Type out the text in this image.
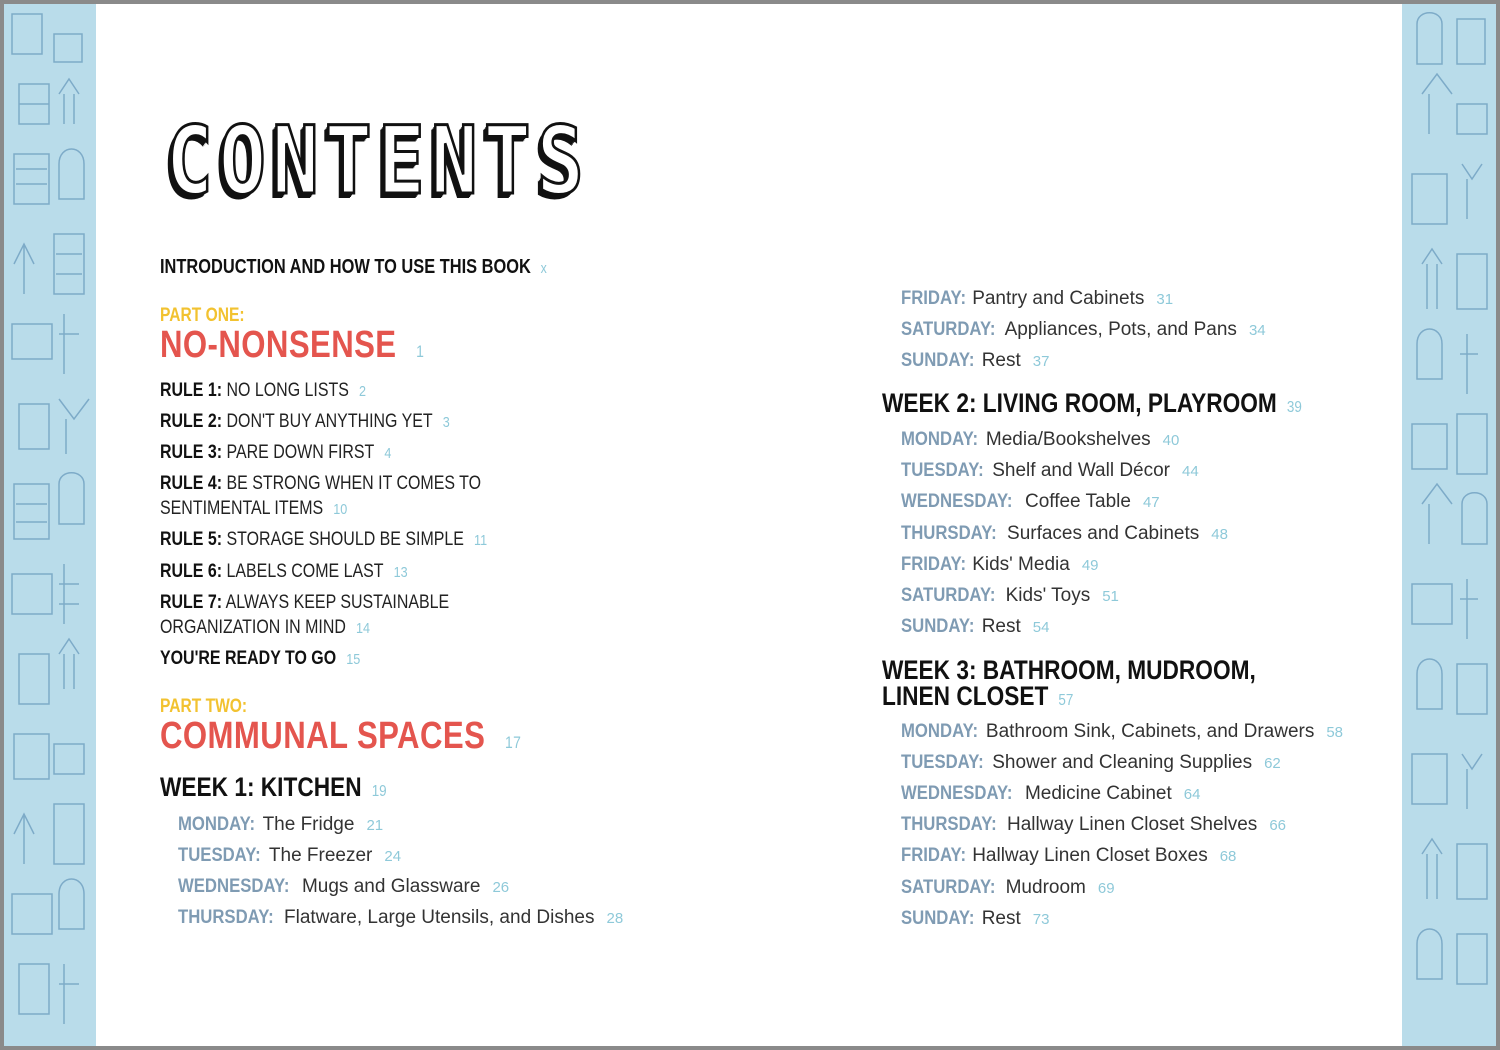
CONTENTS
INTRODUCTION AND HOW TO USE THIS BOOK x
PART ONE:
NO-NONSENSE 1
RULE 1: NO LONG LISTS 2
RULE 2: DON'T BUY ANYTHING YET 3
RULE 3: PARE DOWN FIRST 4
RULE 4: BE STRONG WHEN IT COMES TO
SENTIMENTAL ITEMS 10
RULE 5: STORAGE SHOULD BE SIMPLE 11
RULE 6: LABELS COME LAST 13
RULE 7: ALWAYS KEEP SUSTAINABLE
ORGANIZATION IN MIND 14
YOU'RE READY TO GO 15
PART TWO:
COMMUNAL SPACES 17
WEEK 1: KITCHEN 19
MONDAY: The Fridge 21
TUESDAY: The Freezer 24
WEDNESDAY: Mugs and Glassware 26
THURSDAY: Flatware, Large Utensils, and Dishes 28
FRIDAY: Pantry and Cabinets 31
SATURDAY: Appliances, Pots, and Pans 34
SUNDAY: Rest 37
WEEK 2: LIVING ROOM, PLAYROOM 39
MONDAY: Media/Bookshelves 40
TUESDAY: Shelf and Wall Décor 44
WEDNESDAY: Coffee Table 47
THURSDAY: Surfaces and Cabinets 48
FRIDAY: Kids' Media 49
SATURDAY: Kids' Toys 51
SUNDAY: Rest 54
WEEK 3: BATHROOM, MUDROOM,
LINEN CLOSET 57
MONDAY: Bathroom Sink, Cabinets, and Drawers 58
TUESDAY: Shower and Cleaning Supplies 62
WEDNESDAY: Medicine Cabinet 64
THURSDAY: Hallway Linen Closet Shelves 66
FRIDAY: Hallway Linen Closet Boxes 68
SATURDAY: Mudroom 69
SUNDAY: Rest 73
